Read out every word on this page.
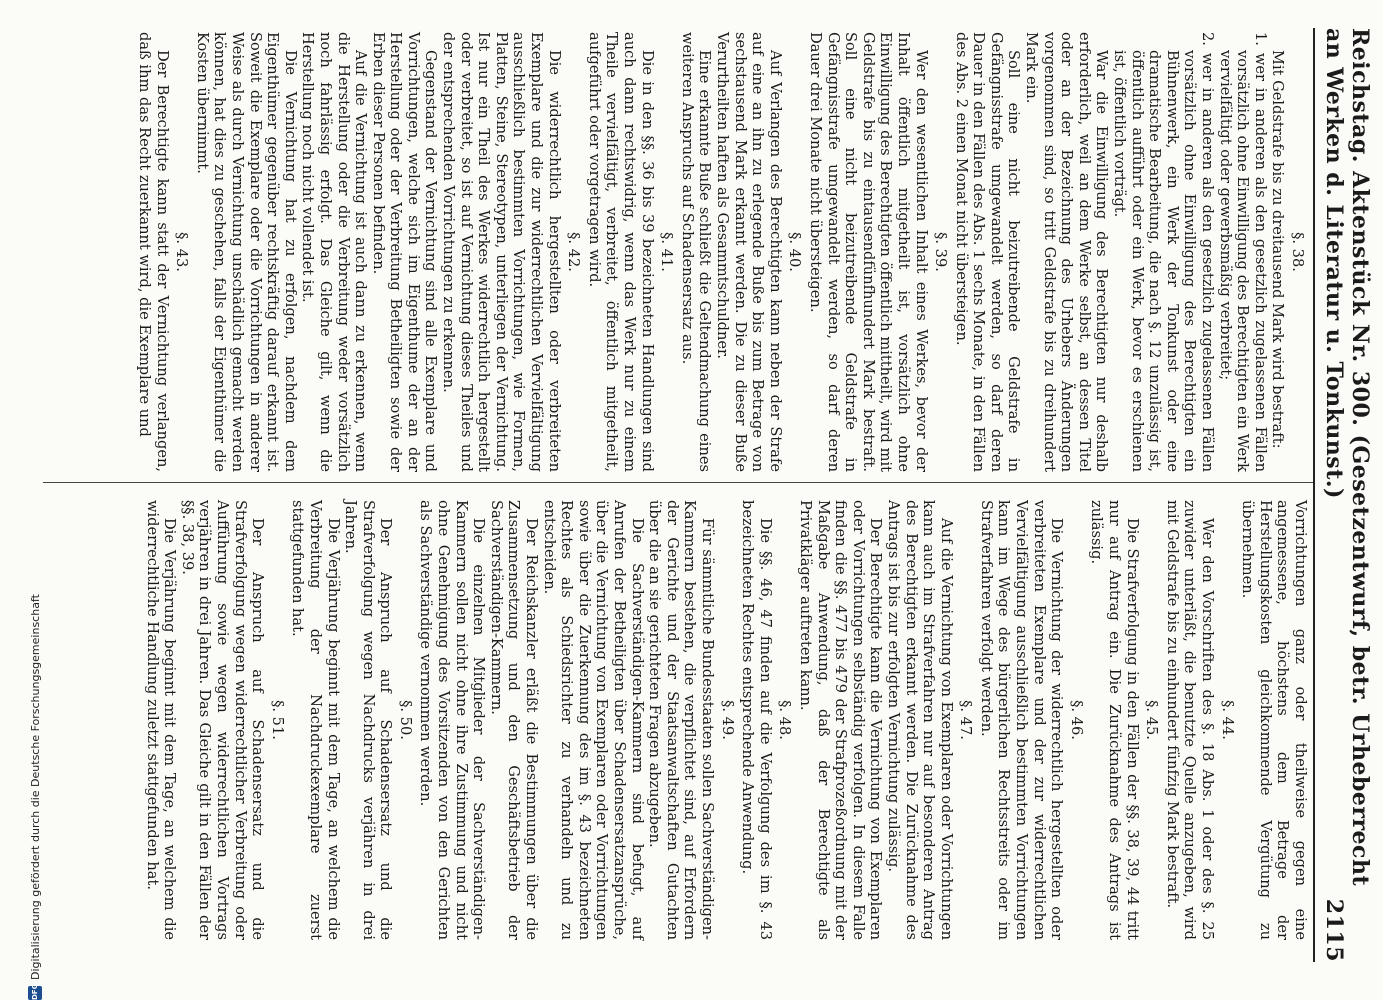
Reichstag. Aktenstück Nr. 300. (Gesetzentwurf, betr. Urheberrecht an Werken d. Literatur u. Tonkunst.)
2115
§. 38.

Mit Geldstrafe bis zu dreitausend Mark wird bestraft:

1. wer in anderen als den gesetzlich zugelassenen Fällen vorsätzlich ohne Einwilligung des Berechtigten ein Werk vervielfältigt oder gewerbsmäßig verbreitet;

2. wer in anderen als den gesetzlich zugelassenen Fällen vorsätzlich ohne Einwilligung des Berechtigten ein Bühnenwerk, ein Werk der Tonkunst oder eine dramatische Bearbeitung, die nach §. 12 unzulässig ist, öffentlich aufführt oder ein Werk, bevor es erschienen ist, öffentlich vorträgt.

War die Einwilligung des Berechtigten nur deshalb erforderlich, weil an dem Werke selbst, an dessen Titel oder an der Bezeichnung des Urhebers Änderungen vorgenommen sind, so tritt Geldstrafe bis zu dreihundert Mark ein.

Soll eine nicht beizutreibende Geldstrafe in Gefängnisstrafe umgewandelt werden, so darf deren Dauer in den Fällen des Abs. 1 sechs Monate, in den Fällen des Abs. 2 einen Monat nicht übersteigen.

§. 39.

Wer den wesentlichen Inhalt eines Werkes, bevor der Inhalt öffentlich mitgetheilt ist, vorsätzlich ohne Einwilligung des Berechtigten öffentlich mittheilt, wird mit Geldstrafe bis zu eintausendfünfhundert Mark bestraft. Soll eine nicht beizutreibende Geldstrafe in Gefängnisstrafe umgewandelt werden, so darf deren Dauer drei Monate nicht übersteigen.

§. 40.

Auf Verlangen des Berechtigten kann neben der Strafe auf eine an ihn zu erlegende Buße bis zum Betrage von sechstausend Mark erkannt werden. Die zu dieser Buße Verurtheilten haften als Gesammtschuldner.

Eine erkannte Buße schließt die Geltendmachung eines weiteren Anspruchs auf Schadensersatz aus.

§. 41.

Die in den §§. 36 bis 39 bezeichneten Handlungen sind auch dann rechtswidrig, wenn das Werk nur zu einem Theile vervielfältigt, verbreitet, öffentlich mitgetheilt, aufgeführt oder vorgetragen wird.

§. 42.

Die widerrechtlich hergestellten oder verbreiteten Exemplare und die zur widerrechtlichen Vervielfältigung ausschließlich bestimmten Vorrichtungen, wie Formen, Platten, Steine, Stereotypen, unterliegen der Vernichtung. Ist nur ein Theil des Werkes widerrechtlich hergestellt oder verbreitet, so ist auf Vernichtung dieses Theiles und der entsprechenden Vorrichtungen zu erkennen.

Gegenstand der Vernichtung sind alle Exemplare und Vorrichtungen, welche sich im Eigenthume der an der Herstellung oder der Verbreitung Betheiligten sowie der Erben dieser Personen befinden.

Auf die Vernichtung ist auch dann zu erkennen, wenn die Herstellung oder die Verbreitung weder vorsätzlich noch fahrlässig erfolgt. Das Gleiche gilt, wenn die Herstellung noch nicht vollendet ist.

Die Vernichtung hat zu erfolgen, nachdem dem Eigenthümer gegenüber rechtskräftig darauf erkannt ist. Soweit die Exemplare oder die Vorrichtungen in anderer Weise als durch Vernichtung unschädlich gemacht werden können, hat dies zu geschehen, falls der Eigenthümer die Kosten übernimmt.

§. 43.

Der Berechtigte kann statt der Vernichtung verlangen, daß ihm das Recht zuerkannt wird, die Exemplare und

Vorrichtungen ganz oder theilweise gegen eine angemessene, höchstens dem Betrage der Herstellungskosten gleichkommende Vergütung zu übernehmen.

§. 44.

Wer den Vorschriften des §. 18 Abs. 1 oder des §. 25 zuwider unterläßt, die benutzte Quelle anzugeben, wird mit Geldstrafe bis zu einhundert fünfzig Mark bestraft.

§. 45.

Die Strafverfolgung in den Fällen der §§. 38, 39, 44 tritt nur auf Antrag ein. Die Zurücknahme des Antrags ist zulässig.

§. 46.

Die Vernichtung der widerrechtlich hergestellten oder verbreiteten Exemplare und der zur widerrechtlichen Vervielfältigung ausschließlich bestimmten Vorrichtungen kann im Wege des bürgerlichen Rechtsstreits oder im Strafverfahren verfolgt werden.

§. 47.

Auf die Vernichtung von Exemplaren oder Vorrichtungen kann auch im Strafverfahren nur auf besonderen Antrag des Berechtigten erkannt werden. Die Zurücknahme des Antrags ist bis zur erfolgten Vernichtung zulässig.

Der Berechtigte kann die Vernichtung von Exemplaren oder Vorrichtungen selbständig verfolgen. In diesem Falle finden die §§. 477 bis 479 der Strafprozeßordnung mit der Maßgabe Anwendung, daß der Berechtigte als Privatkläger auftreten kann.

§. 48.

Die §§. 46, 47 finden auf die Verfolgung des im §. 43 bezeichneten Rechtes entsprechende Anwendung.

§. 49.

Für sämmtliche Bundesstaaten sollen Sachverständigen-Kammern bestehen, die verpflichtet sind, auf Erfordern der Gerichte und der Staatsanwaltschaften Gutachten über die an sie gerichteten Fragen abzugeben.

Die Sachverständigen-Kammern sind befugt, auf Anrufen der Betheiligten über Schadensersatzansprüche, über die Vernichtung von Exemplaren oder Vorrichtungen sowie über die Zuerkennung des im §. 43 bezeichneten Rechtes als Schiedsrichter zu verhandeln und zu entscheiden.

Der Reichskanzler erläßt die Bestimmungen über die Zusammensetzung und den Geschäftsbetrieb der Sachverständigen-Kammern.

Die einzelnen Mitglieder der Sachverständigen-Kammern sollen nicht ohne ihre Zustimmung und nicht ohne Genehmigung des Vorsitzenden von den Gerichten als Sachverständige vernommen werden.

§. 50.

Der Anspruch auf Schadensersatz und die Strafverfolgung wegen Nachdrucks verjähren in drei Jahren.

Die Verjährung beginnt mit dem Tage, an welchem die Verbreitung der Nachdruckexemplare zuerst stattgefunden hat.

§. 51.

Der Anspruch auf Schadensersatz und die Strafverfolgung wegen widerrechtlicher Verbreitung oder Aufführung sowie wegen widerrechtlichen Vortrags verjähren in drei Jahren. Das Gleiche gilt in den Fällen der §§. 38, 39.

Die Verjährung beginnt mit dem Tage, an welchem die widerrechtliche Handlung zuletzt stattgefunden hat.

DFG
Digitalisierung gefördert durch die Deutsche Forschungsgemeinschaft
